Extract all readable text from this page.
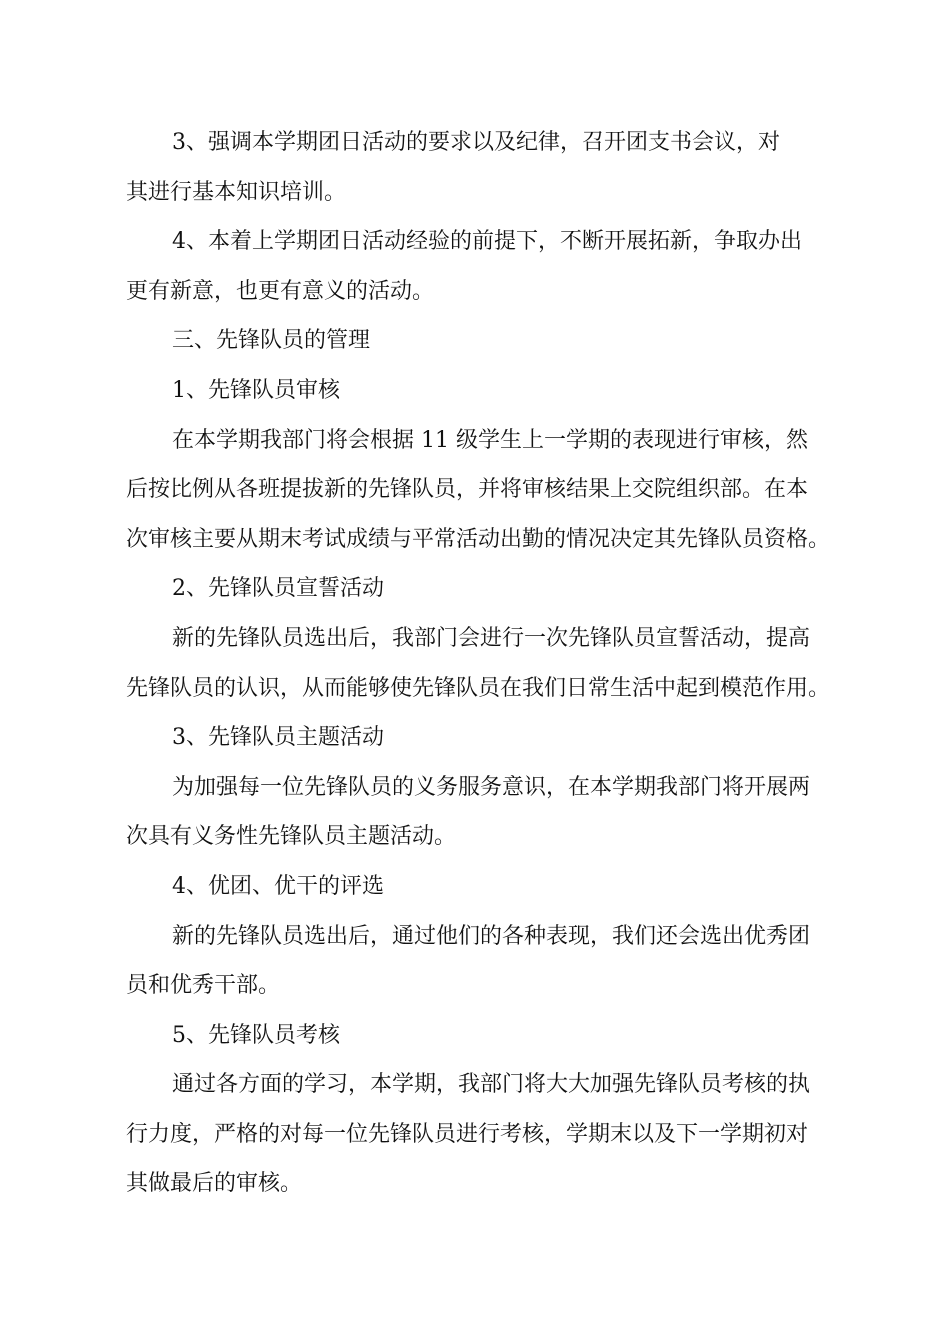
3、强调本学期团日活动的要求以及纪律，召开团支书会议，对
其进行基本知识培训。
4、本着上学期团日活动经验的前提下，不断开展拓新，争取办出
更有新意，也更有意义的活动。
三、先锋队员的管理
1、先锋队员审核
在本学期我部门将会根据 11 级学生上一学期的表现进行审核，然
后按比例从各班提拔新的先锋队员，并将审核结果上交院组织部。在本
次审核主要从期末考试成绩与平常活动出勤的情况决定其先锋队员资格。
2、先锋队员宣誓活动
新的先锋队员选出后，我部门会进行一次先锋队员宣誓活动，提高
先锋队员的认识，从而能够使先锋队员在我们日常生活中起到模范作用。
3、先锋队员主题活动
为加强每一位先锋队员的义务服务意识，在本学期我部门将开展两
次具有义务性先锋队员主题活动。
4、优团、优干的评选
新的先锋队员选出后，通过他们的各种表现，我们还会选出优秀团
员和优秀干部。
5、先锋队员考核
通过各方面的学习，本学期，我部门将大大加强先锋队员考核的执
行力度，严格的对每一位先锋队员进行考核，学期末以及下一学期初对
其做最后的审核。
